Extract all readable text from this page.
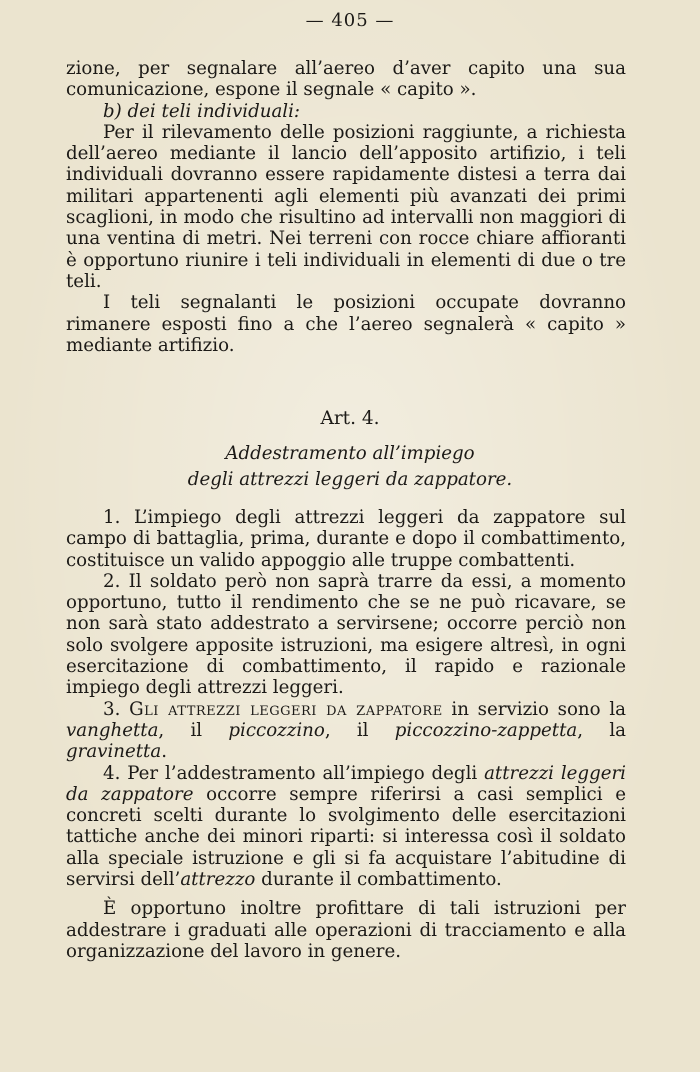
— 405 —

zione, per segnalare all’aereo d’aver capito una sua comunicazione, espone il segnale « capito ».

b) dei teli individuali:

Per il rilevamento delle posizioni raggiunte, a richiesta dell’aereo mediante il lancio dell’apposito artifizio, i teli individuali dovranno essere rapidamente distesi a terra dai militari appartenenti agli elementi più avanzati dei primi scaglioni, in modo che risultino ad intervalli non maggiori di una ventina di metri. Nei terreni con rocce chiare affioranti è opportuno riunire i teli individuali in elementi di due o tre teli.

I teli segnalanti le posizioni occupate dovranno rimanere esposti fino a che l’aereo segnalerà « capito » mediante artifizio.

Art. 4.
Addestramento all’impiego
degli attrezzi leggeri da zappatore.

1. L’impiego degli attrezzi leggeri da zappatore sul campo di battaglia, prima, durante e dopo il combattimento, costituisce un valido appoggio alle truppe combattenti.

2. Il soldato però non saprà trarre da essi, a momento opportuno, tutto il rendimento che se ne può ricavare, se non sarà stato addestrato a servirsene; occorre perciò non solo svolgere apposite istruzioni, ma esigere altresì, in ogni esercitazione di combattimento, il rapido e razionale impiego degli attrezzi leggeri.

3. Gli attrezzi leggeri da zappatore in servizio sono la vanghetta, il piccozzino, il piccozzino-zappetta, la gravinetta.

4. Per l’addestramento all’impiego degli attrezzi leggeri da zappatore occorre sempre riferirsi a casi semplici e concreti scelti durante lo svolgimento delle esercitazioni tattiche anche dei minori riparti: si interessa così il soldato alla speciale istruzione e gli si fa acquistare l’abitudine di servirsi dell’attrezzo durante il combattimento.

È opportuno inoltre profittare di tali istruzioni per addestrare i graduati alle operazioni di tracciamento e alla organizzazione del lavoro in genere.
